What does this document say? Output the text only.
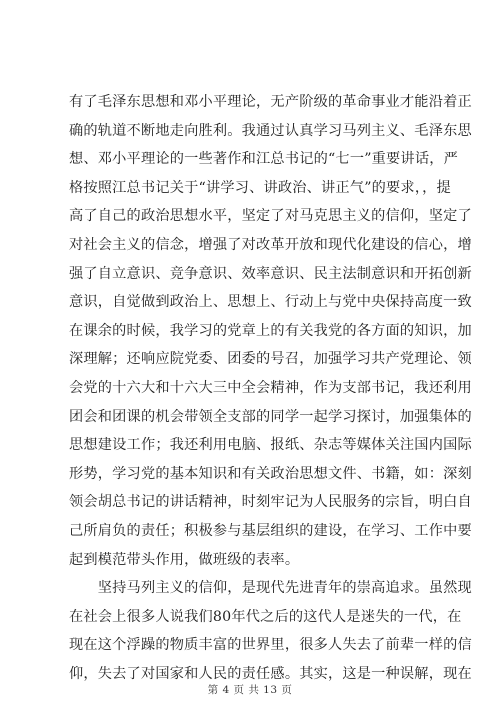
有了毛泽东思想和邓小平理论，无产阶级的革命事业才能沿着正
确的轨道不断地走向胜利。我通过认真学习马列主义、毛泽东思
想、邓小平理论的一些著作和江总书记的“七一”重要讲话，严
格按照江总书记关于“讲学习、讲政治、讲正气”的要求，，提
高了自己的政治思想水平，坚定了对马克思主义的信仰，坚定了
对社会主义的信念，增强了对改革开放和现代化建设的信心，增
强了自立意识、竞争意识、效率意识、民主法制意识和开拓创新
意识，自觉做到政治上、思想上、行动上与党中央保持高度一致
在课余的时候，我学习的党章上的有关我党的各方面的知识，加
深理解；还响应院党委、团委的号召，加强学习共产党理论、领
会党的十六大和十六大三中全会精神，作为支部书记，我还利用
团会和团课的机会带领全支部的同学一起学习探讨，加强集体的
思想建设工作；我还利用电脑、报纸、杂志等媒体关注国内国际
形势，学习党的基本知识和有关政治思想文件、书籍，如：深刻
领会胡总书记的讲话精神，时刻牢记为人民服务的宗旨，明白自
己所肩负的责任；积极参与基层组织的建设，在学习、工作中要
起到模范带头作用，做班级的表率。
　　坚持马列主义的信仰，是现代先进青年的崇高追求。虽然现
在社会上很多人说我们80年代之后的这代人是迷失的一代，在
现在这个浮躁的物质丰富的世界里，很多人失去了前辈一样的信
仰，失去了对国家和人民的责任感。其实，这是一种误解，现在
第 4 页 共 13 页
